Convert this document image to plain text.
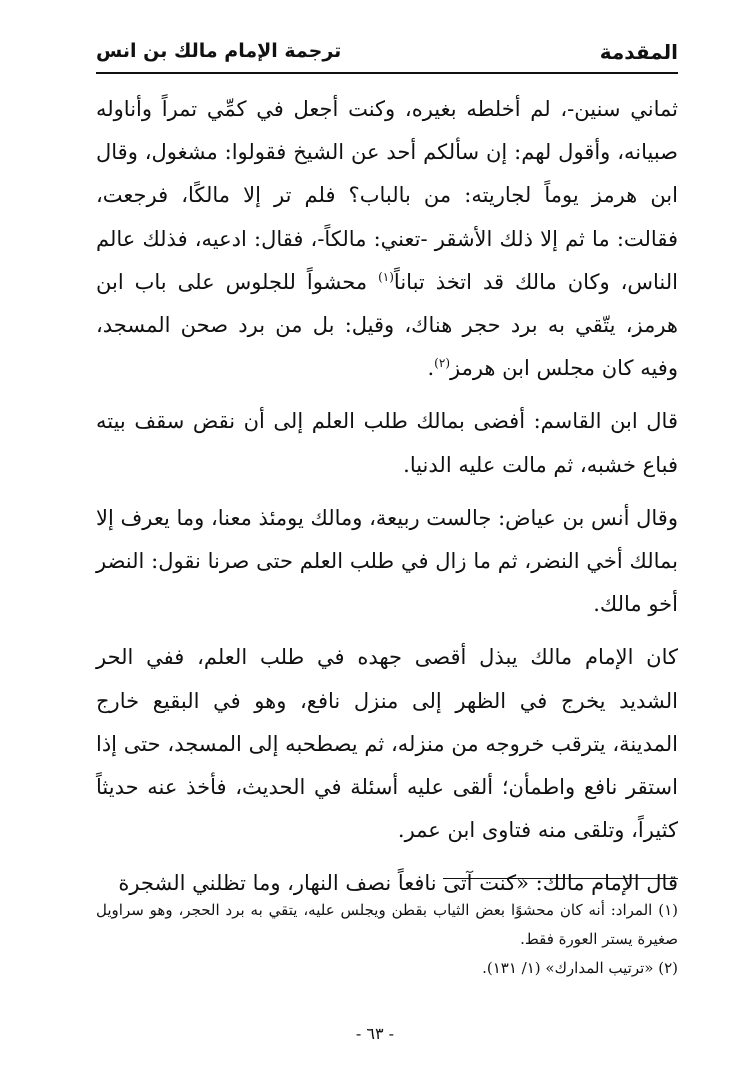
المقدمة
ترجمة الإمام مالك بن انس

ثماني سنين-، لم أخلطه بغيره، وكنت أجعل في كمِّي تمراً وأناوله صبيانه، وأقول لهم: إن سألكم أحد عن الشيخ فقولوا: مشغول، وقال ابن هرمز يوماً لجاريته: من بالباب؟ فلم تر إلا مالكًا، فرجعت، فقالت: ما ثم إلا ذلك الأشقر -تعني: مالكاً-، فقال: ادعيه، فذلك عالم الناس، وكان مالك قد اتخذ تباناً$^{(١)}$ محشواً للجلوس على باب ابن هرمز، يتّقي به برد حجر هناك، وقيل: بل من برد صحن المسجد، وفيه كان مجلس ابن هرمز$^{(٢)}$.

قال ابن القاسم: أفضى بمالك طلب العلم إلى أن نقض سقف بيته فباع خشبه، ثم مالت عليه الدنيا.

وقال أنس بن عياض: جالست ربيعة، ومالك يومئذ معنا، وما يعرف إلا بمالك أخي النضر، ثم ما زال في طلب العلم حتى صرنا نقول: النضر أخو مالك.

كان الإمام مالك يبذل أقصى جهده في طلب العلم، ففي الحر الشديد يخرج في الظهر إلى منزل نافع، وهو في البقيع خارج المدينة، يترقب خروجه من منزله، ثم يصطحبه إلى المسجد، حتى إذا استقر نافع واطمأن؛ ألقى عليه أسئلة في الحديث، فأخذ عنه حديثاً كثيراً، وتلقى منه فتاوى ابن عمر.

قال الإمام مالك: «كنت آتى نافعاً نصف النهار، وما تظلني الشجرة

(١) المراد: أنه كان محشوًا بعض الثياب بقطن ويجلس عليه، يتقي به برد الحجر، وهو سراويل صغيرة يستر العورة فقط.

(٢) «ترتيب المدارك» (١/ ١٣١).

- ٦٣ -
